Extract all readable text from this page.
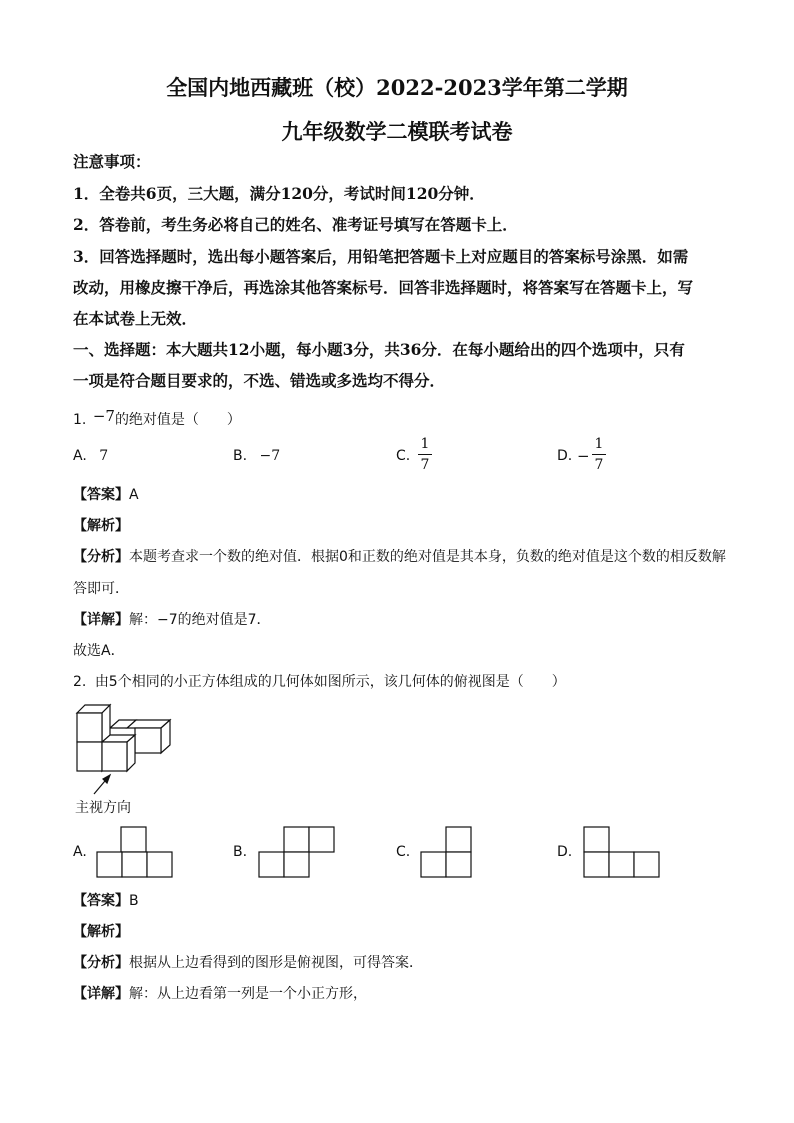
全国内地西藏班（校）2022-2023学年第二学期
九年级数学二模联考试卷
注意事项：
1．全卷共6页，三大题，满分120分，考试时间120分钟．
2．答卷前，考生务必将自己的姓名、准考证号填写在答题卡上．
3．回答选择题时，选出每小题答案后，用铅笔把答题卡上对应题目的答案标号涂黑．如需
改动，用橡皮擦干净后，再选涂其他答案标号．回答非选择题时，将答案写在答题卡上，写
在本试卷上无效．
一、选择题：本大题共12小题，每小题3分，共36分．在每小题给出的四个选项中，只有
一项是符合题目要求的，不选、错选或多选均不得分．
1. −7的绝对值是（　　）
A. 7	B. −7	C.
1
7
D. −
1
7
【答案】A
【解析】
【分析】本题考查求一个数的绝对值．根据0和正数的绝对值是其本身，负数的绝对值是这个数的相反数解
答即可．
【详解】解：−7的绝对值是7．
故选A．
2. 由5个相同的小正方体组成的几何体如图所示，该几何体的俯视图是（　　）
主视方向
A.	B.	C.	D.
【答案】B
【解析】
【分析】根据从上边看得到的图形是俯视图，可得答案．
【详解】解：从上边看第一列是一个小正方形，
